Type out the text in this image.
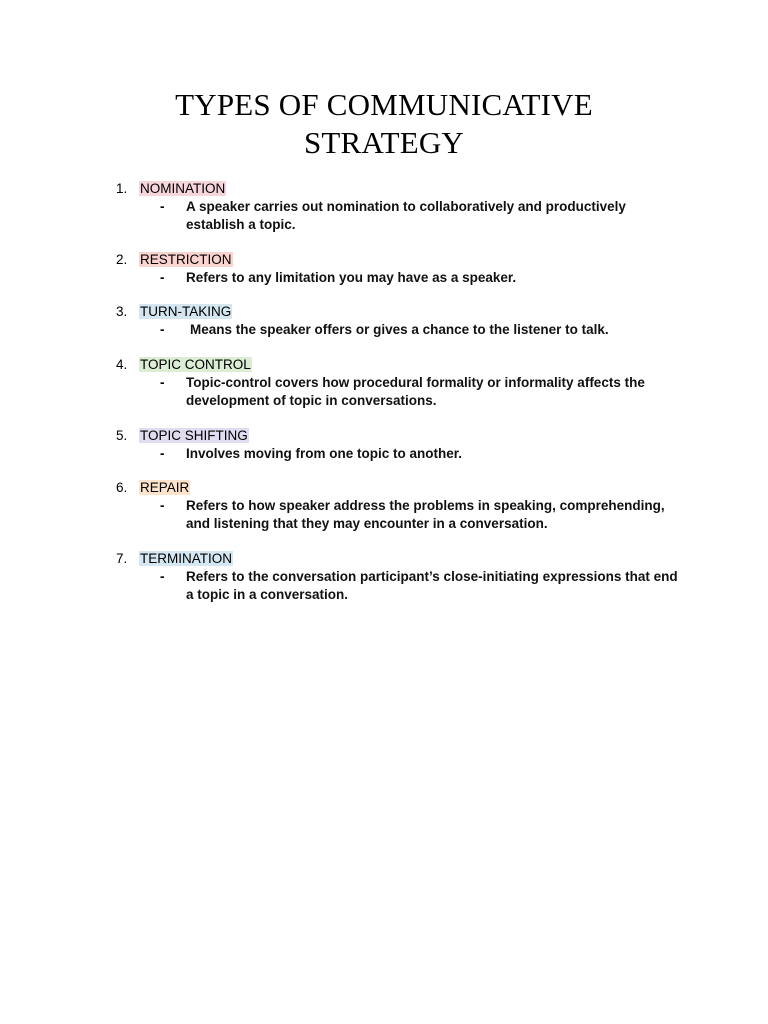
TYPES OF COMMUNICATIVE
STRATEGY
1. NOMINATION
- A speaker carries out nomination to collaboratively and productively establish a topic.
2. RESTRICTION
- Refers to any limitation you may have as a speaker.
3. TURN-TAKING
- Means the speaker offers or gives a chance to the listener to talk.
4. TOPIC CONTROL
- Topic-control covers how procedural formality or informality affects the development of topic in conversations.
5. TOPIC SHIFTING
- Involves moving from one topic to another.
6. REPAIR
- Refers to how speaker address the problems in speaking, comprehending, and listening that they may encounter in a conversation.
7. TERMINATION
- Refers to the conversation participant’s close-initiating expressions that end a topic in a conversation.
